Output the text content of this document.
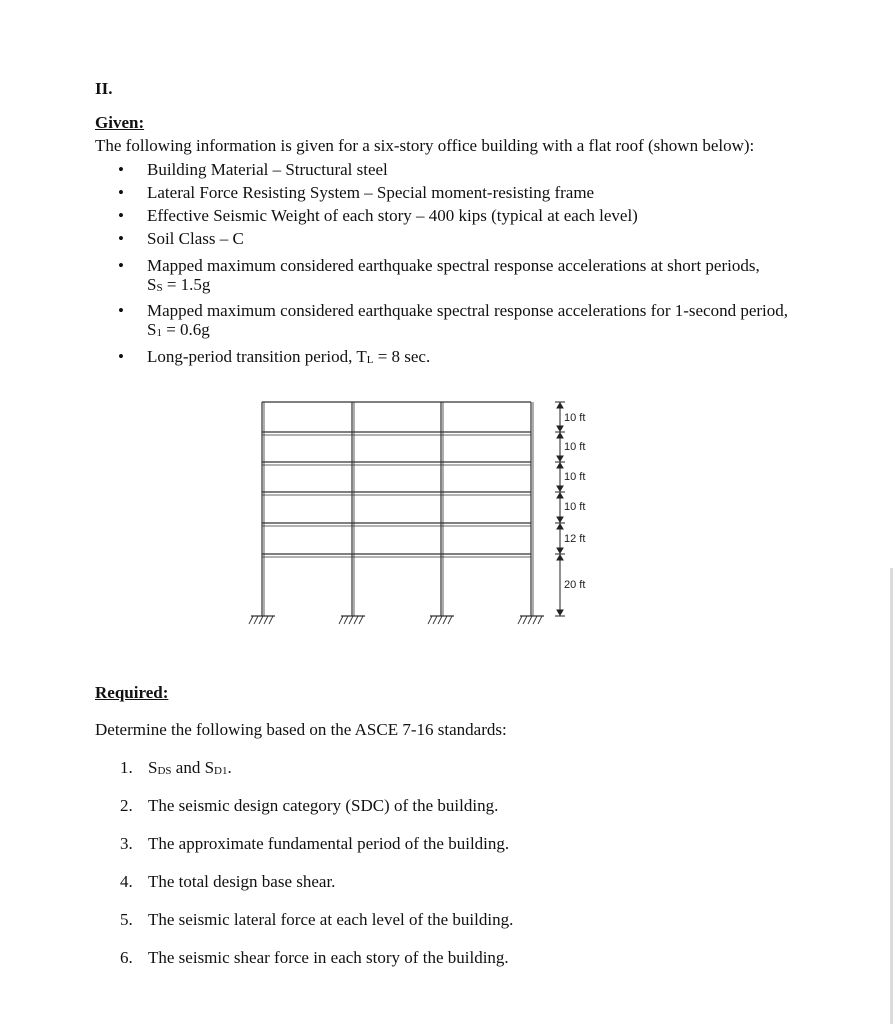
II.
Given:
The following information is given for a six-story office building with a flat roof (shown below):
• Building Material – Structural steel
• Lateral Force Resisting System – Special moment-resisting frame
• Effective Seismic Weight of each story – 400 kips (typical at each level)
• Soil Class – C
• Mapped maximum considered earthquake spectral response accelerations at short periods,
$S_S = 1.5g$
• Mapped maximum considered earthquake spectral response accelerations for 1-second period,
$S_1 = 0.6g$
• Long-period transition period, $T_L = 8$ sec.
10 ft
10 ft
10 ft
10 ft
12 ft
20 ft
Required:
Determine the following based on the ASCE 7-16 standards:
1. $S_{DS}$ and $S_{D1}$.
2. The seismic design category (SDC) of the building.
3. The approximate fundamental period of the building.
4. The total design base shear.
5. The seismic lateral force at each level of the building.
6. The seismic shear force in each story of the building.
